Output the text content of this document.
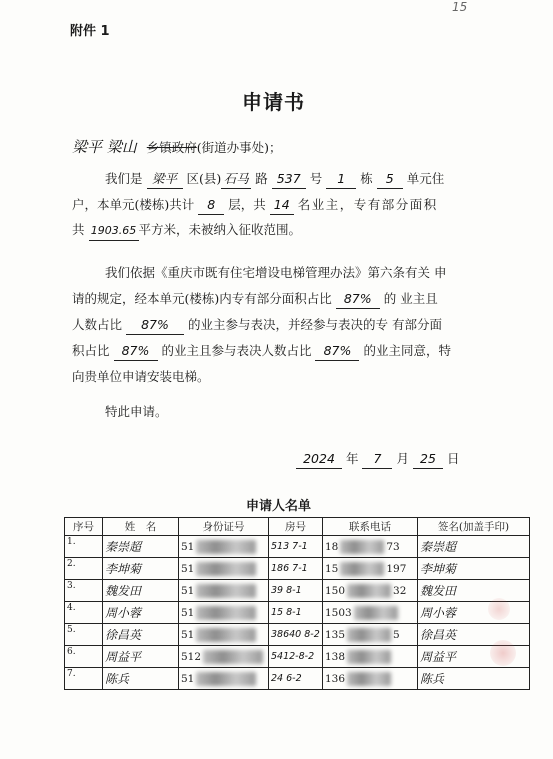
附件 1
15
申请书
梁平 梁山 乡镇政府(街道办事处)；
我们是 梁平 区(县) 石马 路 537 号 1 栋 5 单元住
户，本单元(楼栋)共计 8 层，共 14 名业主，专有部分面积
共 1903.65 平方米，未被纳入征收范围。
我们依据《重庆市既有住宅增设电梯管理办法》第六条有关 申
请的规定，经本单元(楼栋)内专有部分面积占比 87% 的 业主且
人数占比 87% 的业主参与表决，并经参与表决的专 有部分面
积占比 87% 的业主且参与表决人数占比 87% 的业主同意，特
向贵单位申请安装电梯。
特此申请。
2024 年 7 月 25 日
申请人名单
序号	姓　名	身份证号	房号	联系电话	签名(加盖手印)
1.	秦崇超	51	513 7-1	18 73	秦崇超
2.	李坤菊	51	186 7-1	15 197	李坤菊
3.	魏发田	51	39 8-1	150 32	魏发田
4.	周小蓉	51	15 8-1	1503	周小蓉
5.	徐昌英	51	38640 8-2	135 5	徐昌英
6.	周益平	512	5412-8-2	138	周益平
7.	陈兵	51	24 6-2	136	陈兵
